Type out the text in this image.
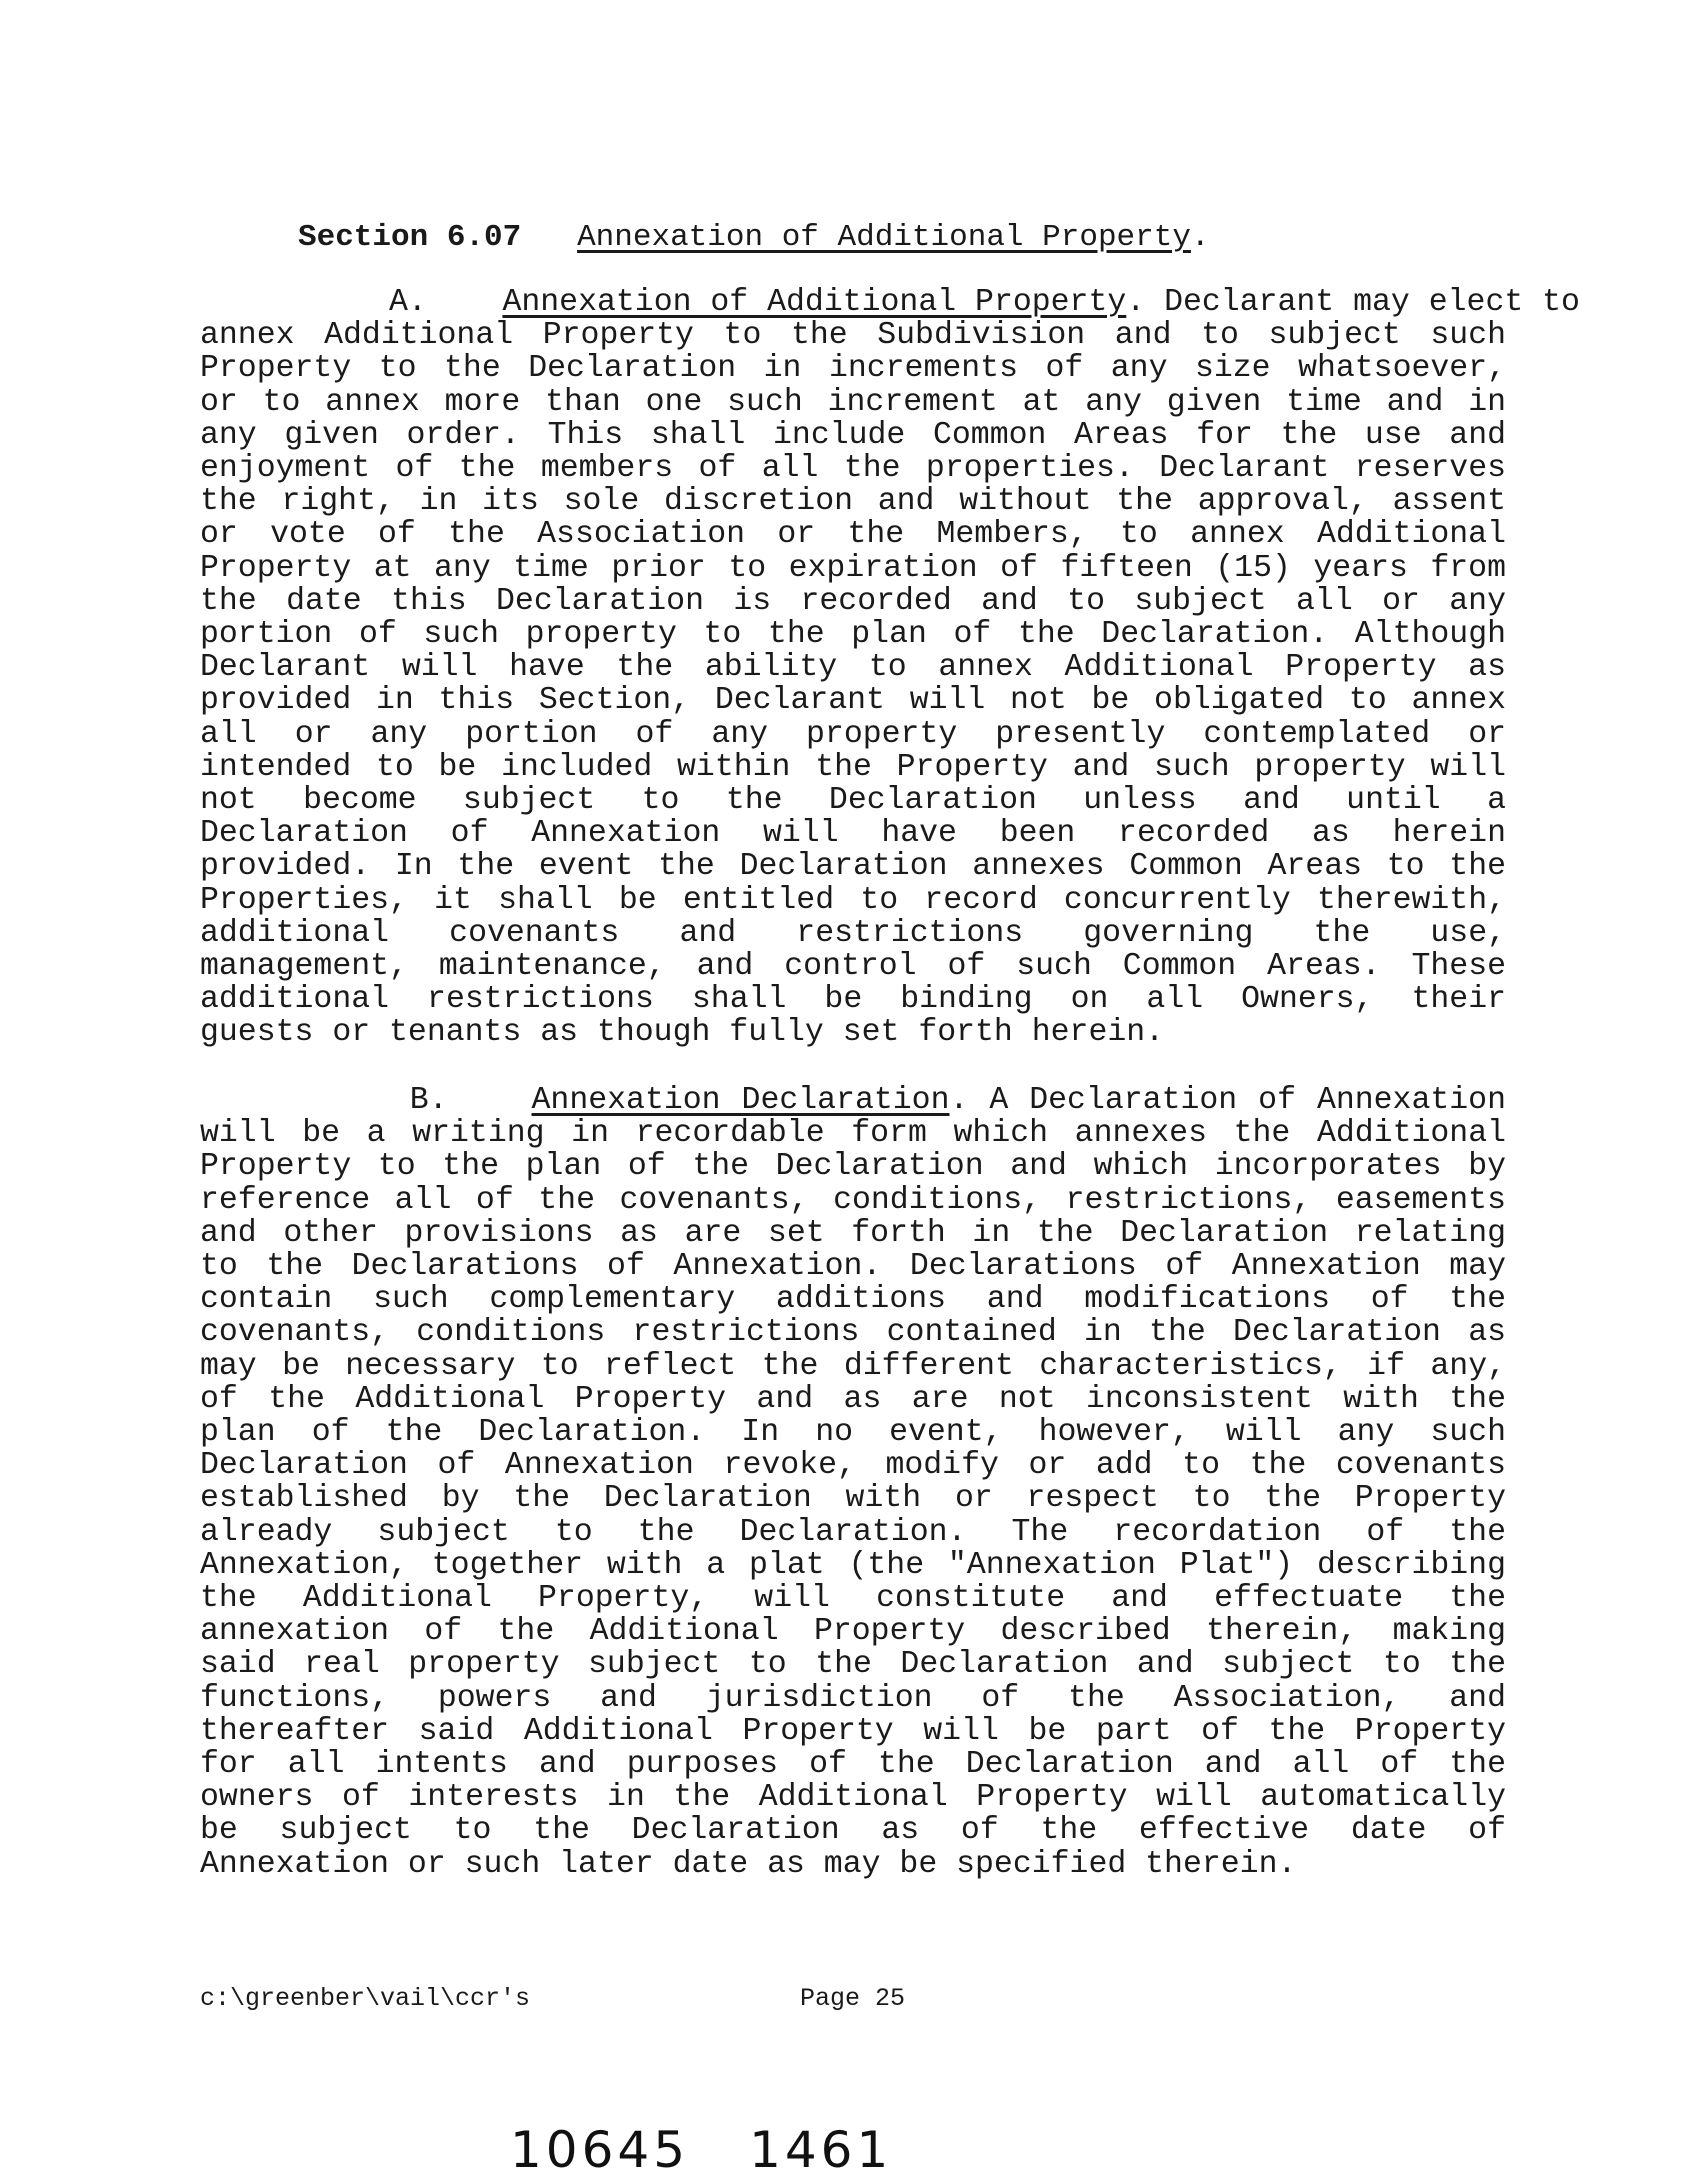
Section 6.07 Annexation of Additional Property.
A. Annexation of Additional Property. Declarant may elect to
annex Additional Property to the Subdivision and to subject such
Property to the Declaration in increments of any size whatsoever,
or to annex more than one such increment at any given time and in
any given order. This shall include Common Areas for the use and
enjoyment of the members of all the properties. Declarant reserves
the right, in its sole discretion and without the approval, assent
or vote of the Association or the Members, to annex Additional
Property at any time prior to expiration of fifteen (15) years from
the date this Declaration is recorded and to subject all or any
portion of such property to the plan of the Declaration. Although
Declarant will have the ability to annex Additional Property as
provided in this Section, Declarant will not be obligated to annex
all or any portion of any property presently contemplated or
intended to be included within the Property and such property will
not become subject to the Declaration unless and until a
Declaration of Annexation will have been recorded as herein
provided. In the event the Declaration annexes Common Areas to the
Properties, it shall be entitled to record concurrently therewith,
additional covenants and restrictions governing the use,
management, maintenance, and control of such Common Areas. These
additional restrictions shall be binding on all Owners, their
guests or tenants as though fully set forth herein.
B.	Annexation Declaration. A Declaration of Annexation
will be a writing in recordable form which annexes the Additional
Property to the plan of the Declaration and which incorporates by
reference all of the covenants, conditions, restrictions, easements
and other provisions as are set forth in the Declaration relating
to the Declarations of Annexation. Declarations of Annexation may
contain such complementary additions and modifications of the
covenants, conditions restrictions contained in the Declaration as
may be necessary to reflect the different characteristics, if any,
of the Additional Property and as are not inconsistent with the
plan of the Declaration. In no event, however, will any such
Declaration of Annexation revoke, modify or add to the covenants
established by the Declaration with or respect to the Property
already subject to the Declaration. The recordation of the
Annexation, together with a plat (the "Annexation Plat") describing
the Additional Property, will constitute and effectuate the
annexation of the Additional Property described therein, making
said real property subject to the Declaration and subject to the
functions, powers and jurisdiction of the Association, and
thereafter said Additional Property will be part of the Property
for all intents and purposes of the Declaration and all of the
owners of interests in the Additional Property will automatically
be subject to the Declaration as of the effective date of
Annexation or such later date as may be specified therein.
c:\greenber\vail\ccr's	Page 25
10645 1461
